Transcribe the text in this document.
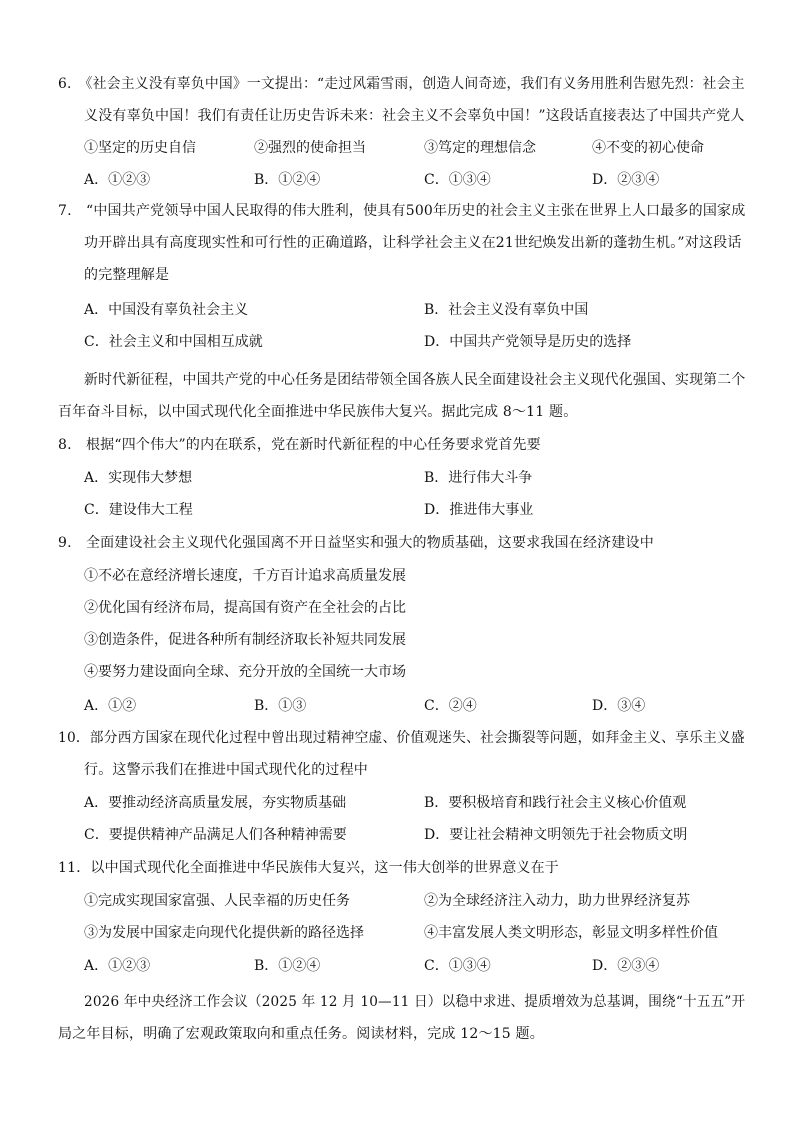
6.　《社会主义没有辜负中国》一文提出：“走过风霜雪雨，创造人间奇迹，我们有义务用胜利告慰先烈：社会主
义没有辜负中国！我们有责任让历史告诉未来：社会主义不会辜负中国！”这段话直接表达了中国共产党人
①坚定的历史自信	②强烈的使命担当	③笃定的理想信念	④不变的初心使命
A．①②③	B．①②④	C．①③④	D．②③④
7.　“中国共产党领导中国人民取得的伟大胜利，使具有500年历史的社会主义主张在世界上人口最多的国家成
功开辟出具有高度现实性和可行性的正确道路，让科学社会主义在21世纪焕发出新的蓬勃生机。”对这段话
的完整理解是
A．中国没有辜负社会主义	B．社会主义没有辜负中国
C．社会主义和中国相互成就	D．中国共产党领导是历史的选择
新时代新征程，中国共产党的中心任务是团结带领全国各族人民全面建设社会主义现代化强国、实现第二个
百年奋斗目标，以中国式现代化全面推进中华民族伟大复兴。据此完成 8～11 题。
8.　根据“四个伟大”的内在联系，党在新时代新征程的中心任务要求党首先要
A．实现伟大梦想	B．进行伟大斗争
C．建设伟大工程	D．推进伟大事业
9.　全面建设社会主义现代化强国离不开日益坚实和强大的物质基础，这要求我国在经济建设中
①不必在意经济增长速度，千方百计追求高质量发展
②优化国有经济布局，提高国有资产在全社会的占比
③创造条件，促进各种所有制经济取长补短共同发展
④要努力建设面向全球、充分开放的全国统一大市场
A．①②	B．①③	C．②④	D．③④
10．部分西方国家在现代化过程中曾出现过精神空虚、价值观迷失、社会撕裂等问题，如拜金主义、享乐主义盛
行。这警示我们在推进中国式现代化的过程中
A．要推动经济高质量发展，夯实物质基础	B．要积极培育和践行社会主义核心价值观
C．要提供精神产品满足人们各种精神需要	D．要让社会精神文明领先于社会物质文明
11．以中国式现代化全面推进中华民族伟大复兴，这一伟大创举的世界意义在于
①完成实现国家富强、人民幸福的历史任务	②为全球经济注入动力，助力世界经济复苏
③为发展中国家走向现代化提供新的路径选择	④丰富发展人类文明形态，彰显文明多样性价值
A．①②③	B．①②④	C．①③④	D．②③④
2026 年中央经济工作会议（2025 年 12 月 10—11 日）以稳中求进、提质增效为总基调，围绕“十五五”开
局之年目标，明确了宏观政策取向和重点任务。阅读材料，完成 12～15 题。
